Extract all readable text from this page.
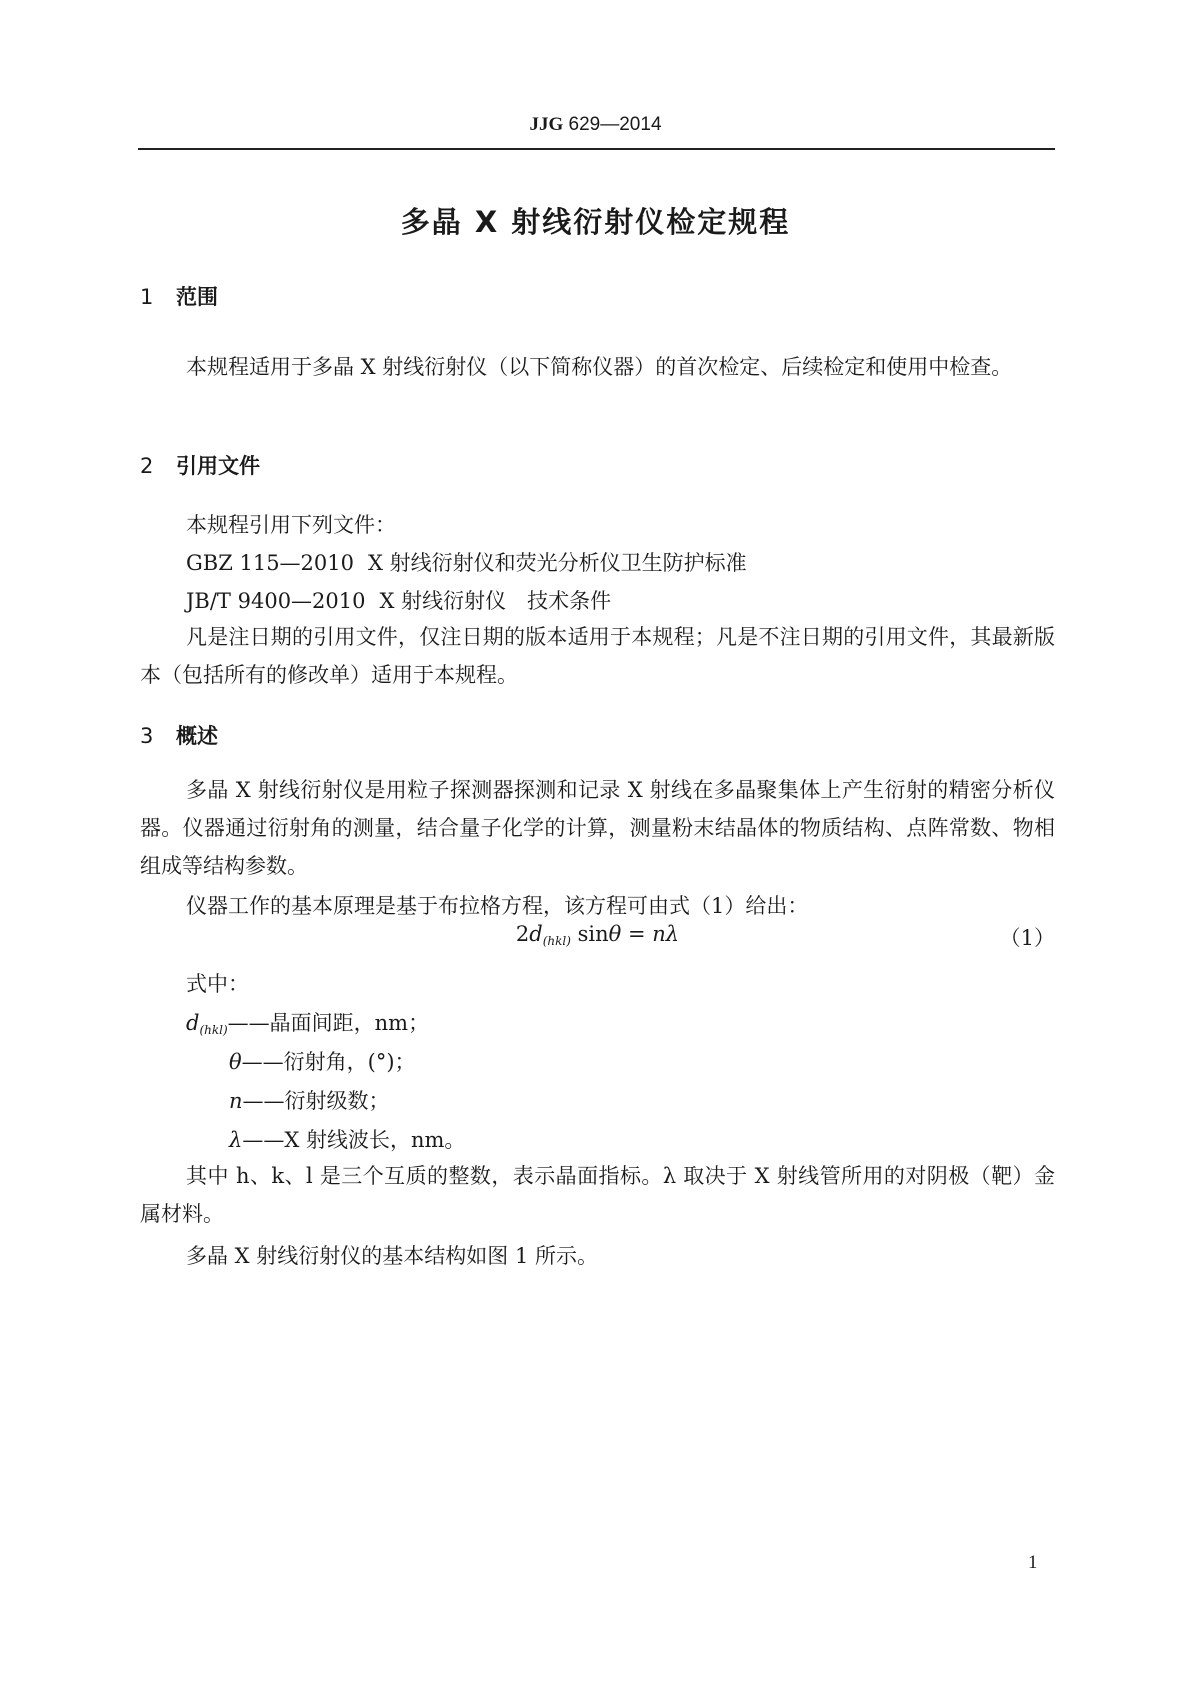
JJG 629—2014
多晶 X 射线衍射仪检定规程
1 范围
本规程适用于多晶 X 射线衍射仪（以下简称仪器）的首次检定、后续检定和使用中检查。
2 引用文件
本规程引用下列文件：
GBZ 115—2010 X 射线衍射仪和荧光分析仪卫生防护标准
JB/T 9400—2010 X 射线衍射仪　技术条件
凡是注日期的引用文件，仅注日期的版本适用于本规程；凡是不注日期的引用文件，其最新版本（包括所有的修改单）适用于本规程。
3 概述
多晶 X 射线衍射仪是用粒子探测器探测和记录 X 射线在多晶聚集体上产生衍射的精密分析仪器。仪器通过衍射角的测量，结合量子化学的计算，测量粉末结晶体的物质结构、点阵常数、物相组成等结构参数。
仪器工作的基本原理是基于布拉格方程，该方程可由式（1）给出：
$2d_{(hkl)}$ sinθ = nλ	（1）
式中：
$d_{(hkl)}——$晶面间距，nm；
θ——衍射角，(°)；
n——衍射级数；
λ——X 射线波长，nm。
其中 h、k、l 是三个互质的整数，表示晶面指标。λ 取决于 X 射线管所用的对阴极（靶）金属材料。
多晶 X 射线衍射仪的基本结构如图 1 所示。
1
